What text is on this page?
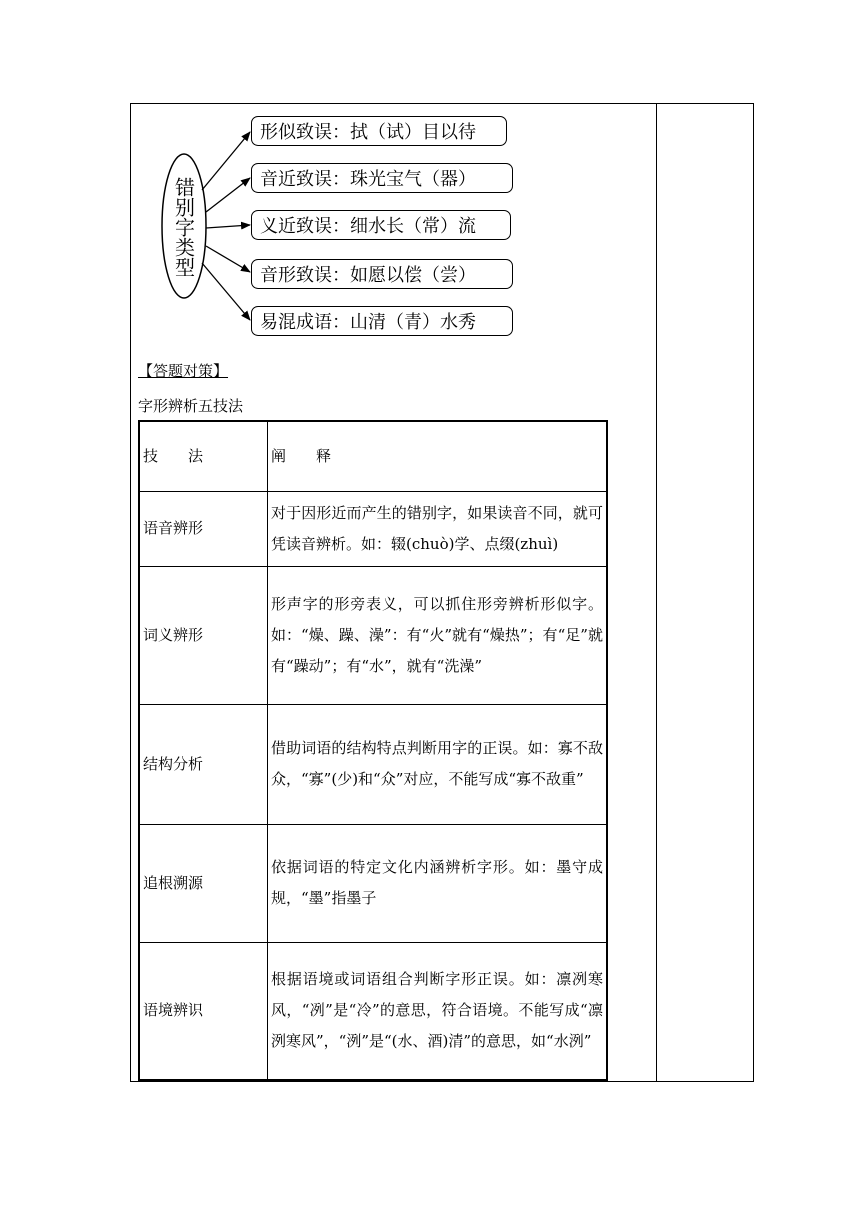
错别字类型
形似致误：拭（试）目以待
音近致误：珠光宝气（器）
义近致误：细水长（常）流
音形致误：如愿以偿（尝）
易混成语：山清（青）水秀
【答题对策】
字形辨析五技法
技　　法	阐　　释
语音辨形	对于因形近而产生的错别字，如果读音不同，就可凭读音辨析。如：辍(chuò)学、点缀(zhuì)
词义辨形	形声字的形旁表义，可以抓住形旁辨析形似字。如：“燥、躁、澡”：有“火”就有“燥热”；有“足”就有“躁动”；有“水”，就有“洗澡”
结构分析	借助词语的结构特点判断用字的正误。如：寡不敌众，“寡”(少)和“众”对应，不能写成“寡不敌重”
追根溯源	依据词语的特定文化内涵辨析字形。如：墨守成规，“墨”指墨子
语境辨识	根据语境或词语组合判断字形正误。如：凛冽寒风，“冽”是“冷”的意思，符合语境。不能写成“凛洌寒风”，“洌”是“(水、酒)清”的意思，如“水洌”
